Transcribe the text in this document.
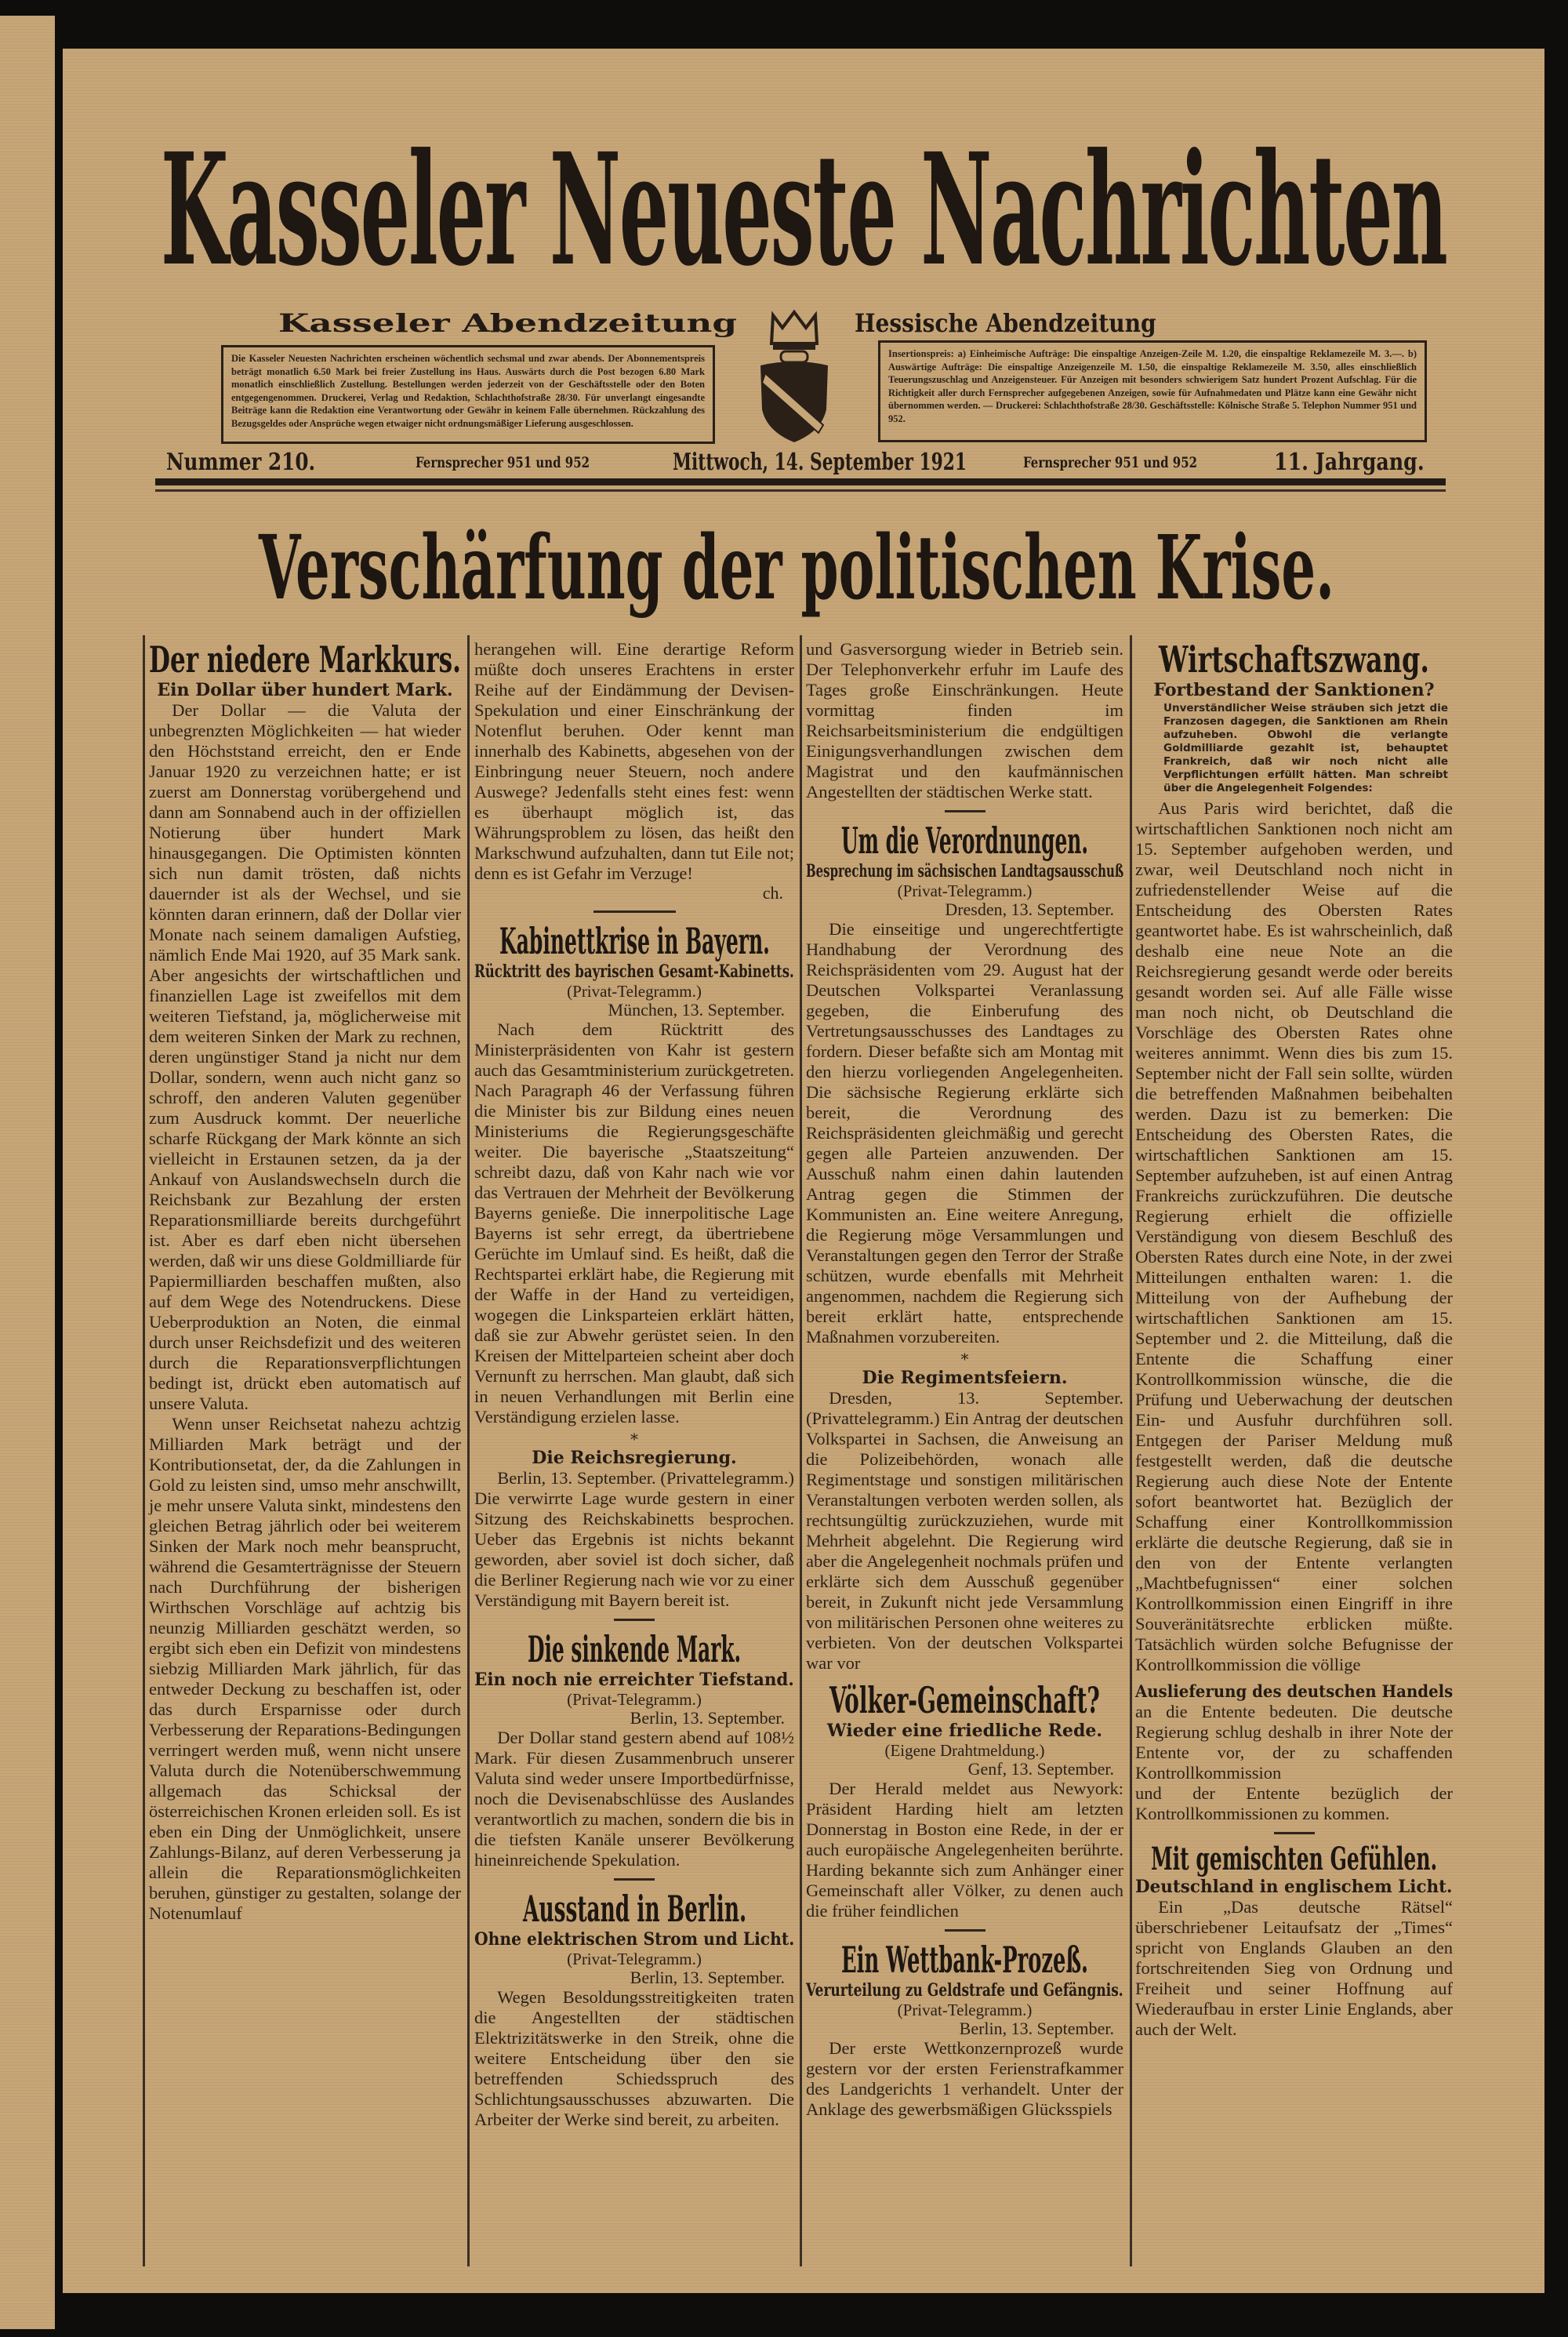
Kasseler Neueste Nachrichten
Kasseler Abendzeitung	Hessische Abendzeitung
Die Kasseler Neuesten Nachrichten erscheinen wöchentlich sechsmal und zwar abends. Der Abonnementspreis beträgt monatlich 6.50 Mark bei freier Zustellung ins Haus. Auswärts durch die Post bezogen 6.80 Mark monatlich einschließlich Zustellung. Bestellungen werden jederzeit von der Geschäftsstelle oder den Boten entgegengenommen. Druckerei, Verlag und Redaktion, Schlachthofstraße 28/30. Für unverlangt eingesandte Beiträge kann die Redaktion eine Verantwortung oder Gewähr in keinem Falle übernehmen. Rückzahlung des Bezugsgeldes oder Ansprüche wegen etwaiger nicht ordnungsmäßiger Lieferung ausgeschlossen.
Insertionspreis: a) Einheimische Aufträge: Die einspaltige Anzeigen-Zeile M. 1.20, die einspaltige Reklamezeile M. 3.—. b) Auswärtige Aufträge: Die einspaltige Anzeigenzeile M. 1.50, die einspaltige Reklamezeile M. 3.50, alles einschließlich Teuerungszuschlag und Anzeigensteuer. Für Anzeigen mit besonders schwierigem Satz hundert Prozent Aufschlag. Für die Richtigkeit aller durch Fernsprecher aufgegebenen Anzeigen, sowie für Aufnahmedaten und Plätze kann eine Gewähr nicht übernommen werden. — Druckerei: Schlachthofstraße 28/30. Geschäftsstelle: Kölnische Straße 5. Telephon Nummer 951 und 952.
Nummer 210.	Fernsprecher 951 und 952	Mittwoch, 14. September 1921	Fernsprecher 951 und 952	11. Jahrgang.
Verschärfung der politischen Krise.
Der niedere Markkurs.
Ein Dollar über hundert Mark.

Der Dollar — die Valuta der unbegrenzten Möglichkeiten — hat wieder den Höchststand erreicht, den er Ende Januar 1920 zu verzeichnen hatte; er ist zuerst am Donnerstag vorübergehend und dann am Sonnabend auch in der offiziellen Notierung über hundert Mark hinausgegangen. Die Optimisten könnten sich nun damit trösten, daß nichts dauernder ist als der Wechsel, und sie könnten daran erinnern, daß der Dollar vier Monate nach seinem damaligen Aufstieg, nämlich Ende Mai 1920, auf 35 Mark sank. Aber angesichts der wirtschaftlichen und finanziellen Lage ist zweifellos mit dem weiteren Tiefstand, ja, möglicherweise mit dem weiteren Sinken der Mark zu rechnen, deren ungünstiger Stand ja nicht nur dem Dollar, sondern, wenn auch nicht ganz so schroff, den anderen Valuten gegenüber zum Ausdruck kommt. Der neuerliche scharfe Rückgang der Mark könnte an sich vielleicht in Erstaunen setzen, da ja der Ankauf von Auslandswechseln durch die Reichsbank zur Bezahlung der ersten Reparationsmilliarde bereits durchgeführt ist. Aber es darf eben nicht übersehen werden, daß wir uns diese Goldmilliarde für Papiermilliarden beschaffen mußten, also auf dem Wege des Notendruckens. Diese Ueberproduktion an Noten, die einmal durch unser Reichsdefizit und des weiteren durch die Reparationsverpflichtungen bedingt ist, drückt eben automatisch auf unsere Valuta.

Wenn unser Reichsetat nahezu achtzig Milliarden Mark beträgt und der Kontributionsetat, der, da die Zahlungen in Gold zu leisten sind, umso mehr anschwillt, je mehr unsere Valuta sinkt, mindestens den gleichen Betrag jährlich oder bei weiterem Sinken der Mark noch mehr beansprucht, während die Gesamterträgnisse der Steuern nach Durchführung der bisherigen Wirthschen Vorschläge auf achtzig bis neunzig Milliarden geschätzt werden, so ergibt sich eben ein Defizit von mindestens siebzig Milliarden Mark jährlich, für das entweder Deckung zu beschaffen ist, oder das durch Ersparnisse oder durch Verbesserung der Reparations-Bedingungen verringert werden muß, wenn nicht unsere Valuta durch die Notenüberschwemmung allgemach das Schicksal der österreichischen Kronen erleiden soll. Es ist eben ein Ding der Unmöglichkeit, unsere Zahlungs-Bilanz, auf deren Verbesserung ja allein die Reparationsmöglichkeiten beruhen, günstiger zu gestalten, solange der Notenumlauf

herangehen will. Eine derartige Reform müßte doch unseres Erachtens in erster Reihe auf der Eindämmung der Devisen-Spekulation und einer Einschränkung der Notenflut beruhen. Oder kennt man innerhalb des Kabinetts, abgesehen von der Einbringung neuer Steuern, noch andere Auswege? Jedenfalls steht eines fest: wenn es überhaupt möglich ist, das Währungsproblem zu lösen, das heißt den Markschwund aufzuhalten, dann tut Eile not; denn es ist Gefahr im Verzuge!

ch.
Kabinettkrise in Bayern.
Rücktritt des bayrischen Gesamt-Kabinetts.
(Privat-Telegramm.)
München, 13. September.

Nach dem Rücktritt des Ministerpräsidenten von Kahr ist gestern auch das Gesamtministerium zurückgetreten. Nach Paragraph 46 der Verfassung führen die Minister bis zur Bildung eines neuen Ministeriums die Regierungsgeschäfte weiter. Die bayerische „Staatszeitung“ schreibt dazu, daß von Kahr nach wie vor das Vertrauen der Mehrheit der Bevölkerung Bayerns genieße. Die innerpolitische Lage Bayerns ist sehr erregt, da übertriebene Gerüchte im Umlauf sind. Es heißt, daß die Rechtspartei erklärt habe, die Regierung mit der Waffe in der Hand zu verteidigen, wogegen die Linksparteien erklärt hätten, daß sie zur Abwehr gerüstet seien. In den Kreisen der Mittelparteien scheint aber doch Vernunft zu herrschen. Man glaubt, daß sich in neuen Verhandlungen mit Berlin eine Verständigung erzielen lasse.

*
Die Reichsregierung.

Berlin, 13. September. (Privattelegramm.) Die verwirrte Lage wurde gestern in einer Sitzung des Reichskabinetts besprochen. Ueber das Ergebnis ist nichts bekannt geworden, aber soviel ist doch sicher, daß die Berliner Regierung nach wie vor zu einer Verständigung mit Bayern bereit ist.

Die sinkende Mark.
Ein noch nie erreichter Tiefstand.
(Privat-Telegramm.)
Berlin, 13. September.

Der Dollar stand gestern abend auf 108½ Mark. Für diesen Zusammenbruch unserer Valuta sind weder unsere Importbedürfnisse, noch die Devisenabschlüsse des Auslandes verantwortlich zu machen, sondern die bis in die tiefsten Kanäle unserer Bevölkerung hineinreichende Spekulation.

Ausstand in Berlin.
Ohne elektrischen Strom und Licht.
(Privat-Telegramm.)
Berlin, 13. September.

Wegen Besoldungsstreitigkeiten traten die Angestellten der städtischen Elektrizitätswerke in den Streik, ohne die weitere Entscheidung über den sie betreffenden Schiedsspruch des Schlichtungsausschusses abzuwarten. Die Arbeiter der Werke sind bereit, zu arbeiten.

und Gasversorgung wieder in Betrieb sein. Der Telephonverkehr erfuhr im Laufe des Tages große Einschränkungen. Heute vormittag finden im Reichsarbeitsministerium die endgültigen Einigungsverhandlungen zwischen dem Magistrat und den kaufmännischen Angestellten der städtischen Werke statt.

Um die Verordnungen.
Besprechung im sächsischen Landtagsausschuß
(Privat-Telegramm.)
Dresden, 13. September.

Die einseitige und ungerechtfertigte Handhabung der Verordnung des Reichspräsidenten vom 29. August hat der Deutschen Volkspartei Veranlassung gegeben, die Einberufung des Vertretungsausschusses des Landtages zu fordern. Dieser befaßte sich am Montag mit den hierzu vorliegenden Angelegenheiten. Die sächsische Regierung erklärte sich bereit, die Verordnung des Reichspräsidenten gleichmäßig und gerecht gegen alle Parteien anzuwenden. Der Ausschuß nahm einen dahin lautenden Antrag gegen die Stimmen der Kommunisten an. Eine weitere Anregung, die Regierung möge Versammlungen und Veranstaltungen gegen den Terror der Straße schützen, wurde ebenfalls mit Mehrheit angenommen, nachdem die Regierung sich bereit erklärt hatte, entsprechende Maßnahmen vorzubereiten.

*
Die Regimentsfeiern.

Dresden, 13. September. (Privattelegramm.) Ein Antrag der deutschen Volkspartei in Sachsen, die Anweisung an die Polizeibehörden, wonach alle Regimentstage und sonstigen militärischen Veranstaltungen verboten werden sollen, als rechtsungültig zurückzuziehen, wurde mit Mehrheit abgelehnt. Die Regierung wird aber die Angelegenheit nochmals prüfen und erklärte sich dem Ausschuß gegenüber bereit, in Zukunft nicht jede Versammlung von militärischen Personen ohne weiteres zu verbieten. Von der deutschen Volkspartei war vor

Völker-Gemeinschaft?
Wieder eine friedliche Rede.
(Eigene Drahtmeldung.)
Genf, 13. September.

Der Herald meldet aus Newyork: Präsident Harding hielt am letzten Donnerstag in Boston eine Rede, in der er auch europäische Angelegenheiten berührte. Harding bekannte sich zum Anhänger einer Gemeinschaft aller Völker, zu denen auch die früher feindlichen

Ein Wettbank-Prozeß.
Verurteilung zu Geldstrafe und Gefängnis.
(Privat-Telegramm.)
Berlin, 13. September.

Der erste Wettkonzernprozeß wurde gestern vor der ersten Ferienstrafkammer des Landgerichts 1 verhandelt. Unter der Anklage des gewerbsmäßigen Glücksspiels

Wirtschaftszwang.
Fortbestand der Sanktionen?
Unverständlicher Weise sträuben sich jetzt die Franzosen dagegen, die Sanktionen am Rhein aufzuheben. Obwohl die verlangte Goldmilliarde gezahlt ist, behauptet Frankreich, daß wir noch nicht alle Verpflichtungen erfüllt hätten. Man schreibt über die Angelegenheit Folgendes:

Aus Paris wird berichtet, daß die wirtschaftlichen Sanktionen noch nicht am 15. September aufgehoben werden, und zwar, weil Deutschland noch nicht in zufriedenstellender Weise auf die Entscheidung des Obersten Rates geantwortet habe. Es ist wahrscheinlich, daß deshalb eine neue Note an die Reichsregierung gesandt werde oder bereits gesandt worden sei. Auf alle Fälle wisse man noch nicht, ob Deutschland die Vorschläge des Obersten Rates ohne weiteres annimmt. Wenn dies bis zum 15. September nicht der Fall sein sollte, würden die betreffenden Maßnahmen beibehalten werden. Dazu ist zu bemerken: Die Entscheidung des Obersten Rates, die wirtschaftlichen Sanktionen am 15. September aufzuheben, ist auf einen Antrag Frankreichs zurückzuführen. Die deutsche Regierung erhielt die offizielle Verständigung von diesem Beschluß des Obersten Rates durch eine Note, in der zwei Mitteilungen enthalten waren: 1. die Mitteilung von der Aufhebung der wirtschaftlichen Sanktionen am 15. September und 2. die Mitteilung, daß die Entente die Schaffung einer Kontrollkommission wünsche, die die Prüfung und Ueberwachung der deutschen Ein- und Ausfuhr durchführen soll. Entgegen der Pariser Meldung muß festgestellt werden, daß die deutsche Regierung auch diese Note der Entente sofort beantwortet hat. Bezüglich der Schaffung einer Kontrollkommission erklärte die deutsche Regierung, daß sie in den von der Entente verlangten „Machtbefugnissen“ einer solchen Kontrollkommission einen Eingriff in ihre Souveränitätsrechte erblicken müßte. Tatsächlich würden solche Befugnisse der Kontrollkommission die völlige

Auslieferung des deutschen Handels

an die Entente bedeuten. Die deutsche Regierung schlug deshalb in ihrer Note der Entente vor, der zu schaffenden Kontrollkommission

und der Entente bezüglich der Kontrollkommissionen zu kommen.

Mit gemischten Gefühlen.
Deutschland in englischem Licht.

Ein „Das deutsche Rätsel“ überschriebener Leitaufsatz der „Times“ spricht von Englands Glauben an den fortschreitenden Sieg von Ordnung und Freiheit und seiner Hoffnung auf Wiederaufbau in erster Linie Englands, aber auch der Welt.
